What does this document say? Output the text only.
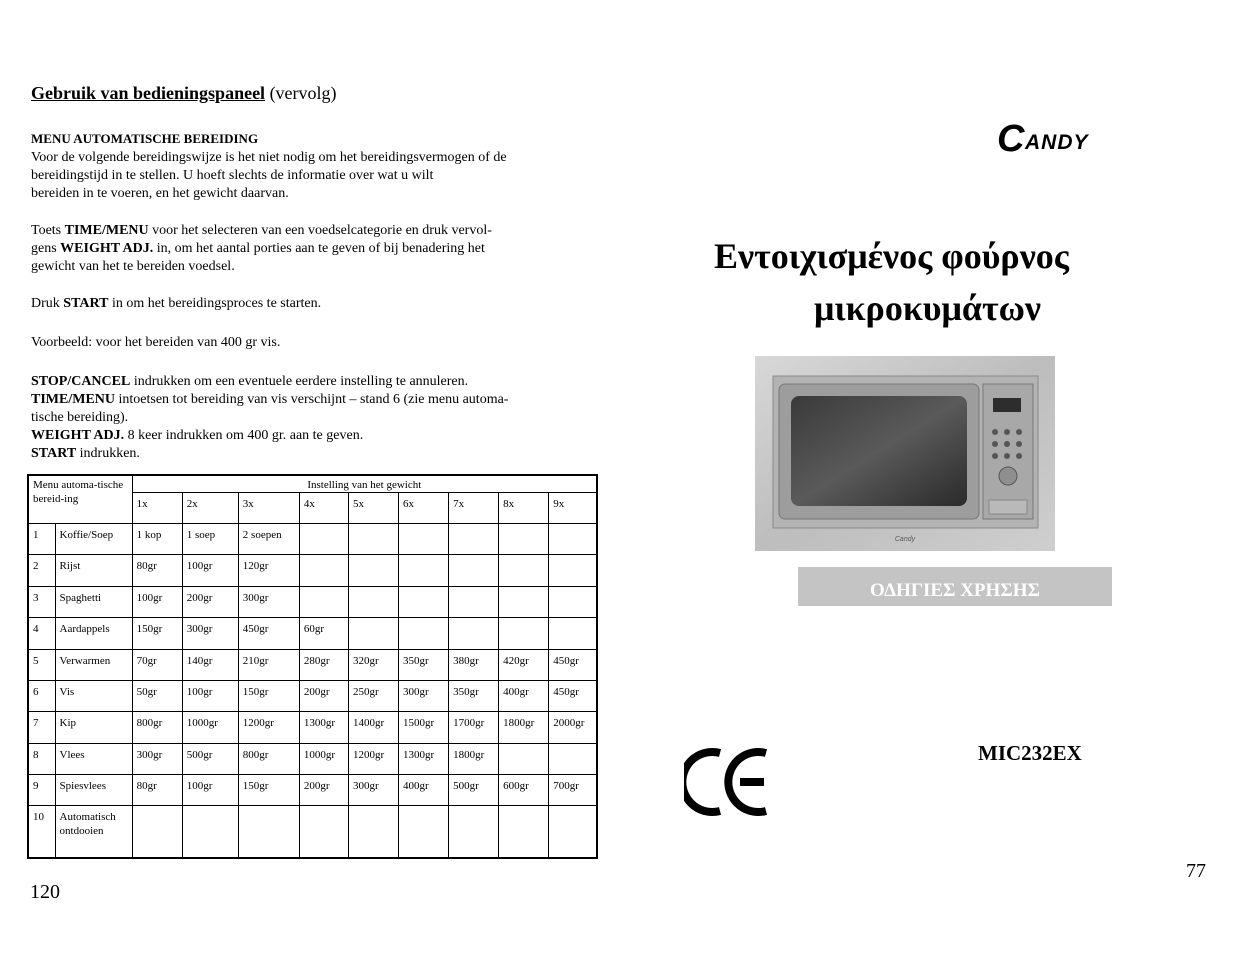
Gebruik van bedieningspaneel (vervolg)
MENU AUTOMATISCHE BEREIDING
Voor de volgende bereidingswijze is het niet nodig om het bereidingsvermogen of de
bereidingstijd in te stellen. U hoeft slechts de informatie over wat u wilt
bereiden in te voeren, en het gewicht daarvan.
Toets TIME/MENU voor het selecteren van een voedselcategorie en druk vervol-
gens WEIGHT ADJ. in, om het aantal porties aan te geven of bij benadering het
gewicht van het te bereiden voedsel.
Druk START in om het bereidingsproces te starten.
Voorbeeld: voor het bereiden van 400 gr vis.
STOP/CANCEL indrukken om een eventuele eerdere instelling te annuleren.
TIME/MENU intoetsen tot bereiding van vis verschijnt – stand 6 (zie menu automa-
tische bereiding).
WEIGHT ADJ. 8 keer indrukken om 400 gr. aan te geven.
START indrukken.
Menu automa-tische bereid-ing		Instelling van het gewicht								
		1x	2x	3x	4x	5x	6x	7x	8x	9x
1	Koffie/Soep	1 kop	1 soep	2 soepen						
2	Rijst	80gr	100gr	120gr						
3	Spaghetti	100gr	200gr	300gr						
4	Aardappels	150gr	300gr	450gr	60gr					
5	Verwarmen	70gr	140gr	210gr	280gr	320gr	350gr	380gr	420gr	450gr
6	Vis	50gr	100gr	150gr	200gr	250gr	300gr	350gr	400gr	450gr
7	Kip	800gr	1000gr	1200gr	1300gr	1400gr	1500gr	1700gr	1800gr	2000gr
8	Vlees	300gr	500gr	800gr	1000gr	1200gr	1300gr	1800gr		
9	Spiesvlees	80gr	100gr	150gr	200gr	300gr	400gr	500gr	600gr	700gr
10	Automatisch ontdooien									
120
C ANDY
Εντοιχισμένος φούρνος
μικροκυμάτων
Candy
ΟΔΗΓΙΕΣ ΧΡΗΣΗΣ
MIC232EX
77
